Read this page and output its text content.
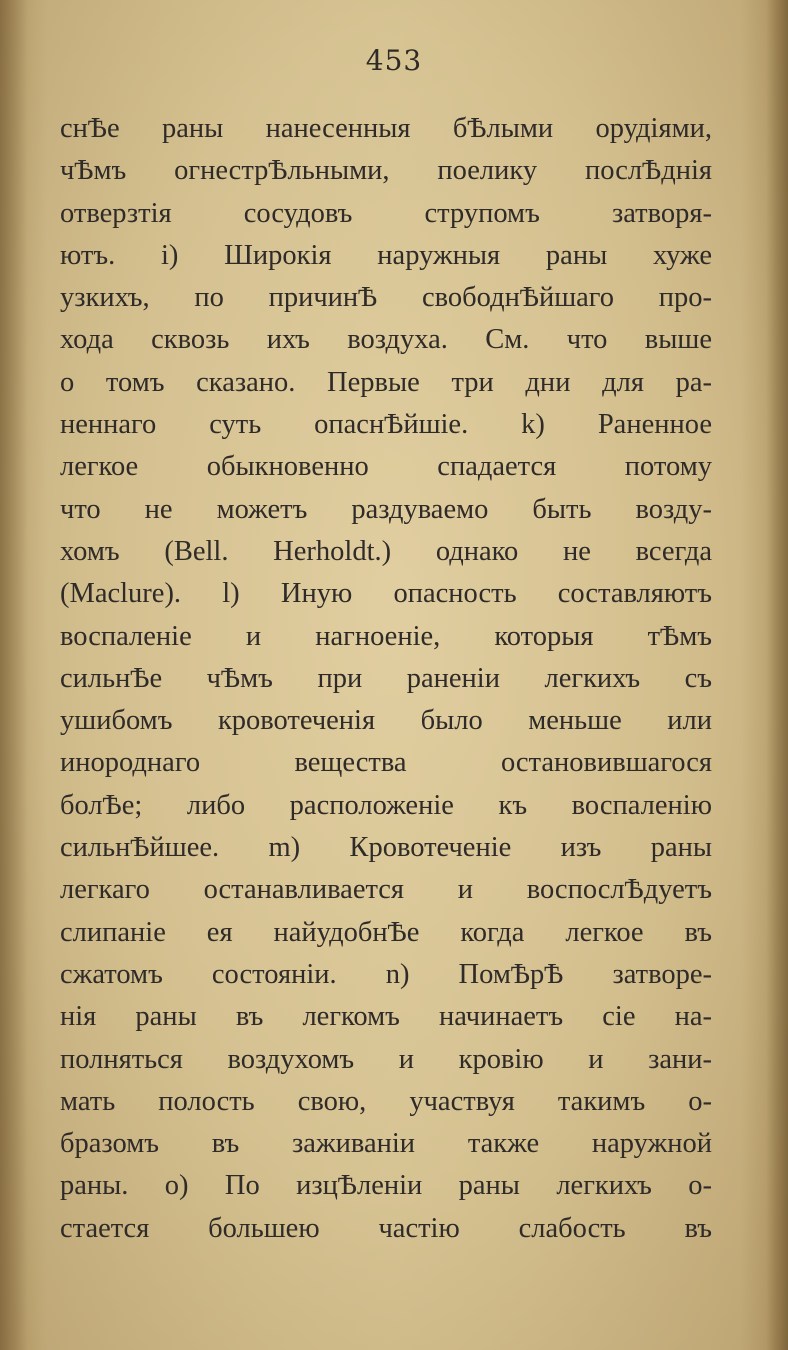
453
снѢе раны нанесенныя бѢлыми орудіями,
чѢмъ огнестрѢльными, поелику послѢднія
отверзтія сосудовъ струпомъ затворя-
ютъ. і) Широкія наружныя раны хуже
узкихъ, по причинѢ свободнѢйшаго про-
хода сквозь ихъ воздуха. См. что выше
о томъ сказано. Первые три дни для ра-
неннаго суть опаснѢйшіе. k) Раненное
легкое обыкновенно спадается потому
что не можетъ раздуваемо быть возду-
хомъ (Bell. Herholdt.) однако не всегда
(Maclure). l) Иную опасность составляютъ
воспаленіе и нагноеніе, которыя тѢмъ
сильнѢе чѢмъ при раненіи легкихъ съ
ушибомъ кровотеченія было меньше или
инороднаго вещества остановившагося
болѢе; либо расположеніе къ воспаленію
сильнѢйшее. m) Кровотеченіе изъ раны
легкаго останавливается и воспослѢдуетъ
слипаніе ея найудобнѢе когда легкое въ
сжатомъ состояніи. n) ПомѢрѢ затворе-
нія раны въ легкомъ начинаетъ сіе на-
полняться воздухомъ и кровію и зани-
мать полость свою, участвуя такимъ о-
бразомъ въ заживаніи также наружной
раны. о) По изцѢленіи раны легкихъ о-
стается большею частію слабость въ
